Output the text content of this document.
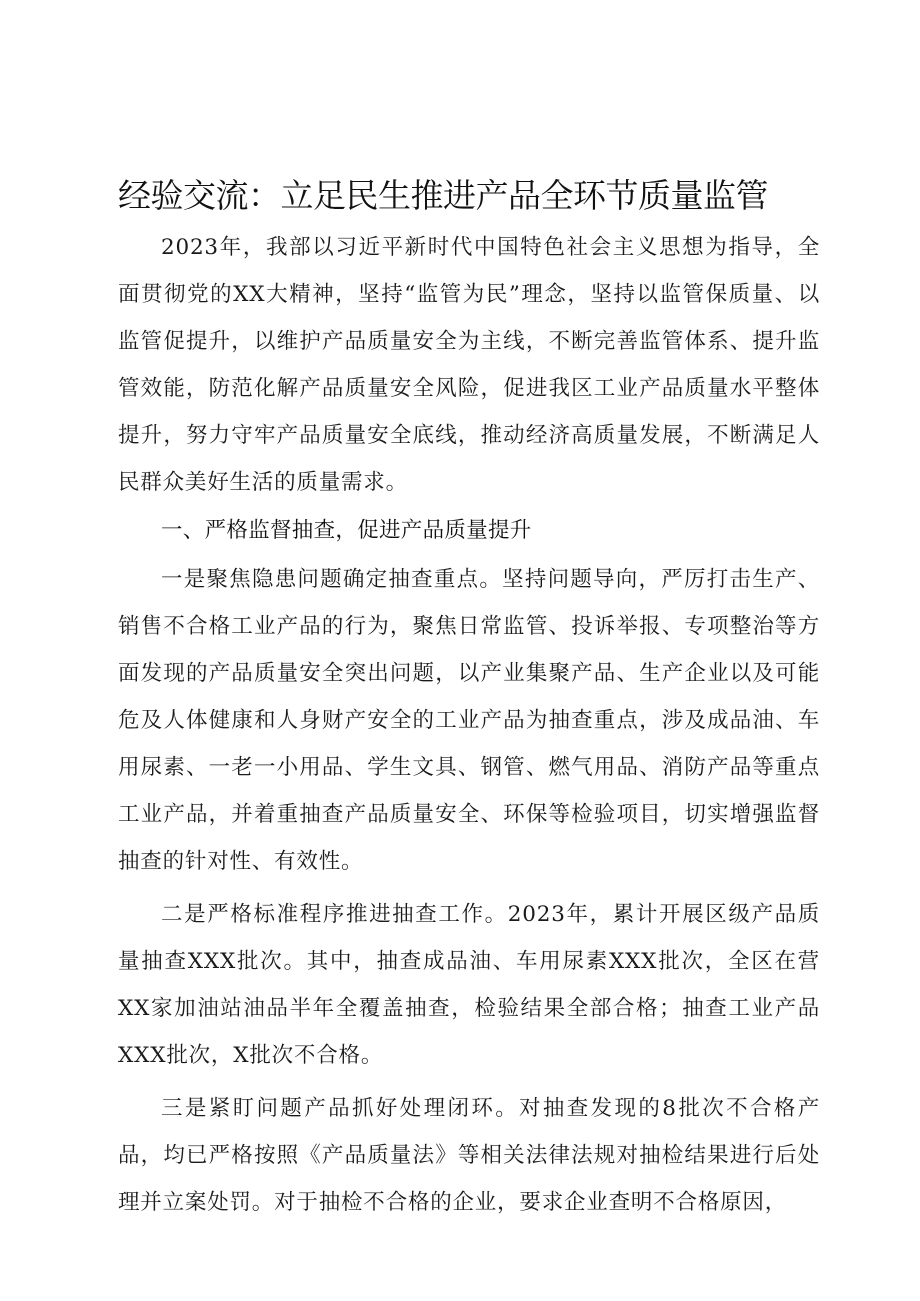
经验交流：立足民生推进产品全环节质量监管

2023年，我部以习近平新时代中国特色社会主义思想为指导，全面贯彻党的XX大精神，坚持“监管为民”理念，坚持以监管保质量、以监管促提升，以维护产品质量安全为主线，不断完善监管体系、提升监管效能，防范化解产品质量安全风险，促进我区工业产品质量水平整体提升，努力守牢产品质量安全底线，推动经济高质量发展，不断满足人民群众美好生活的质量需求。

一、严格监督抽查，促进产品质量提升

一是聚焦隐患问题确定抽查重点。坚持问题导向，严厉打击生产、销售不合格工业产品的行为，聚焦日常监管、投诉举报、专项整治等方面发现的产品质量安全突出问题，以产业集聚产品、生产企业以及可能危及人体健康和人身财产安全的工业产品为抽查重点，涉及成品油、车用尿素、一老一小用品、学生文具、钢管、燃气用品、消防产品等重点工业产品，并着重抽查产品质量安全、环保等检验项目，切实增强监督抽查的针对性、有效性。

二是严格标准程序推进抽查工作。2023年，累计开展区级产品质量抽查XXX批次。其中，抽查成品油、车用尿素XXX批次，全区在营XX家加油站油品半年全覆盖抽查，检验结果全部合格；抽查工业产品XXX批次，X批次不合格。

三是紧盯问题产品抓好处理闭环。对抽查发现的8批次不合格产品，均已严格按照《产品质量法》等相关法律法规对抽检结果进行后处理并立案处罚。对于抽检不合格的企业，要求企业查明不合格原因，
